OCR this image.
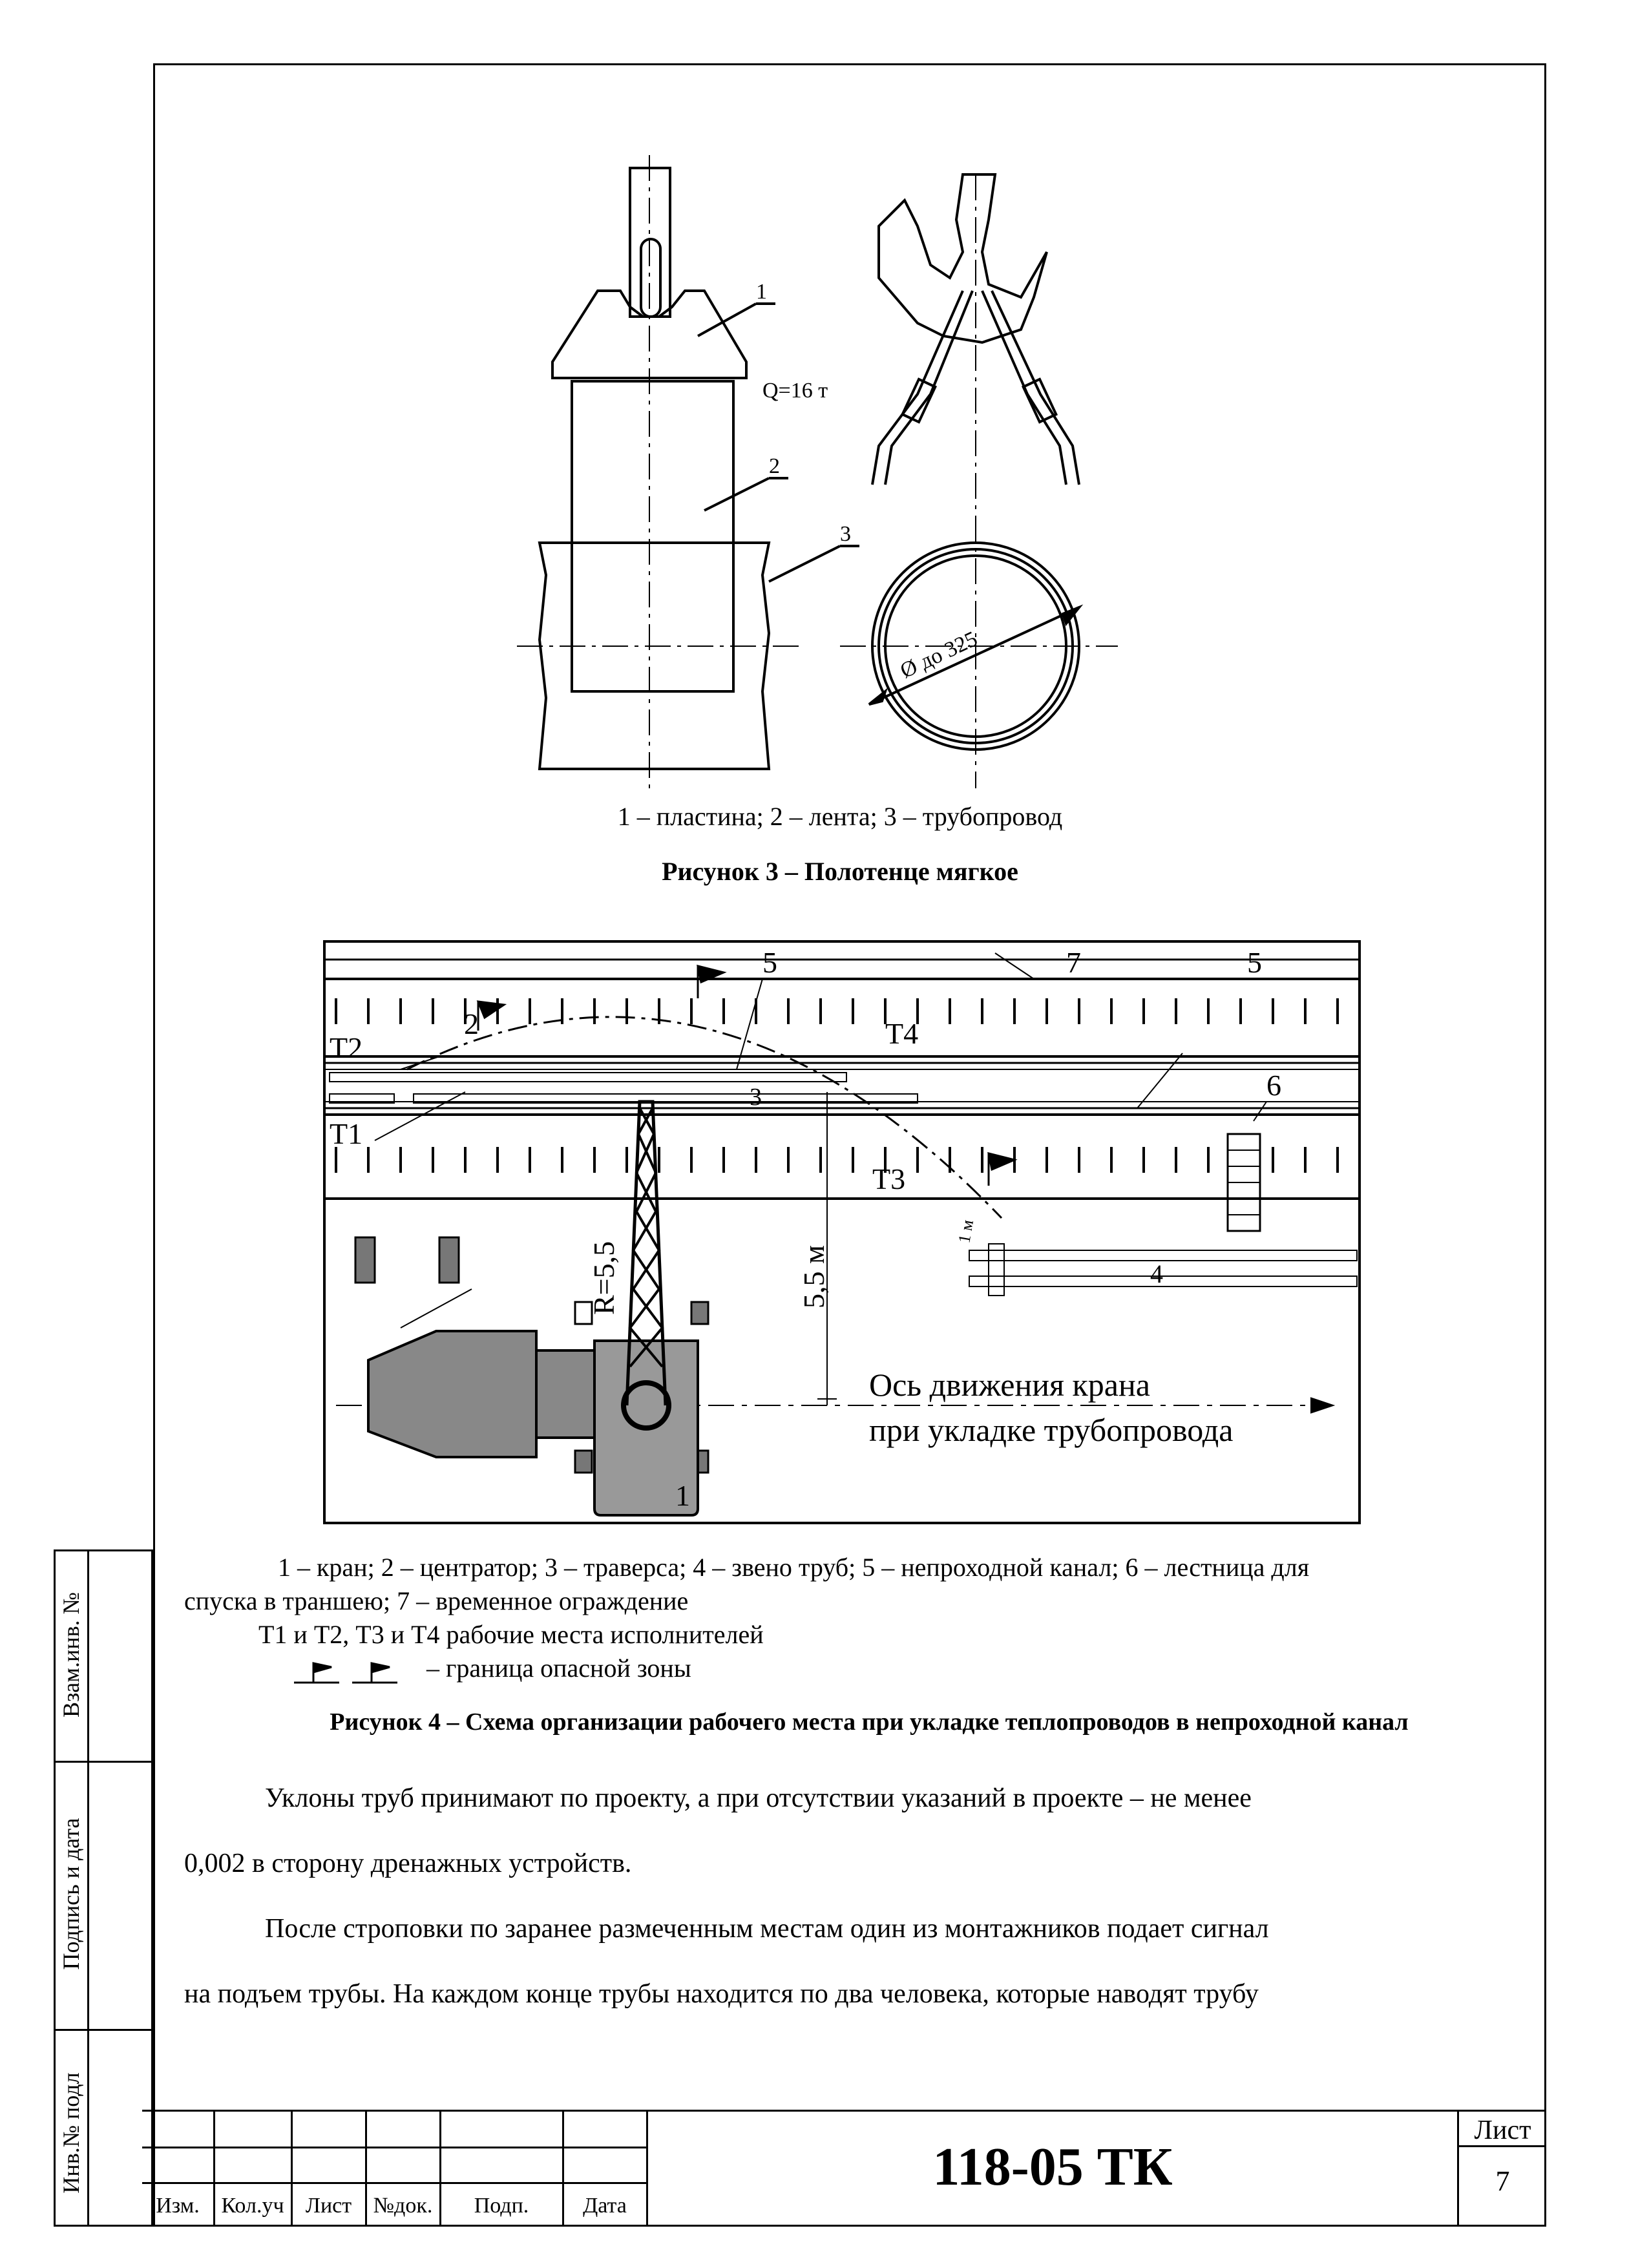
Взам.инв. №
Подпись и дата
Инв.№ подл
1
2
3
Q=16 т
Ø до 325
1 – пластина; 2 – лента; 3 – трубопровод
Рисунок 3 – Полотенце мягкое
T2	T4
T1
T3
2
3
5	5
7
6
4
1
R=5,5	5,5 м
1 м
Ось движения крана
при укладке трубопровода
1 – кран; 2 – центратор; 3 – траверса; 4 – звено труб; 5 – непроходной канал; 6 – лестница для
спуска в траншею; 7 – временное ограждение
Т1 и Т2, Т3 и Т4 рабочие места исполнителей
– граница опасной зоны
Рисунок 4 – Схема организации рабочего места при укладке теплопроводов в непроходной канал
Уклоны труб принимают по проекту, а при отсутствии указаний в проекте – не менее
0,002 в сторону дренажных устройств.
После строповки по заранее размеченным местам один из монтажников подает сигнал
на подъем трубы. На каждом конце трубы находится по два человека, которые наводят трубу
Изм. Кол.уч Лист №док.	Подп.	Дата
118-05 ТК
Лист
7
